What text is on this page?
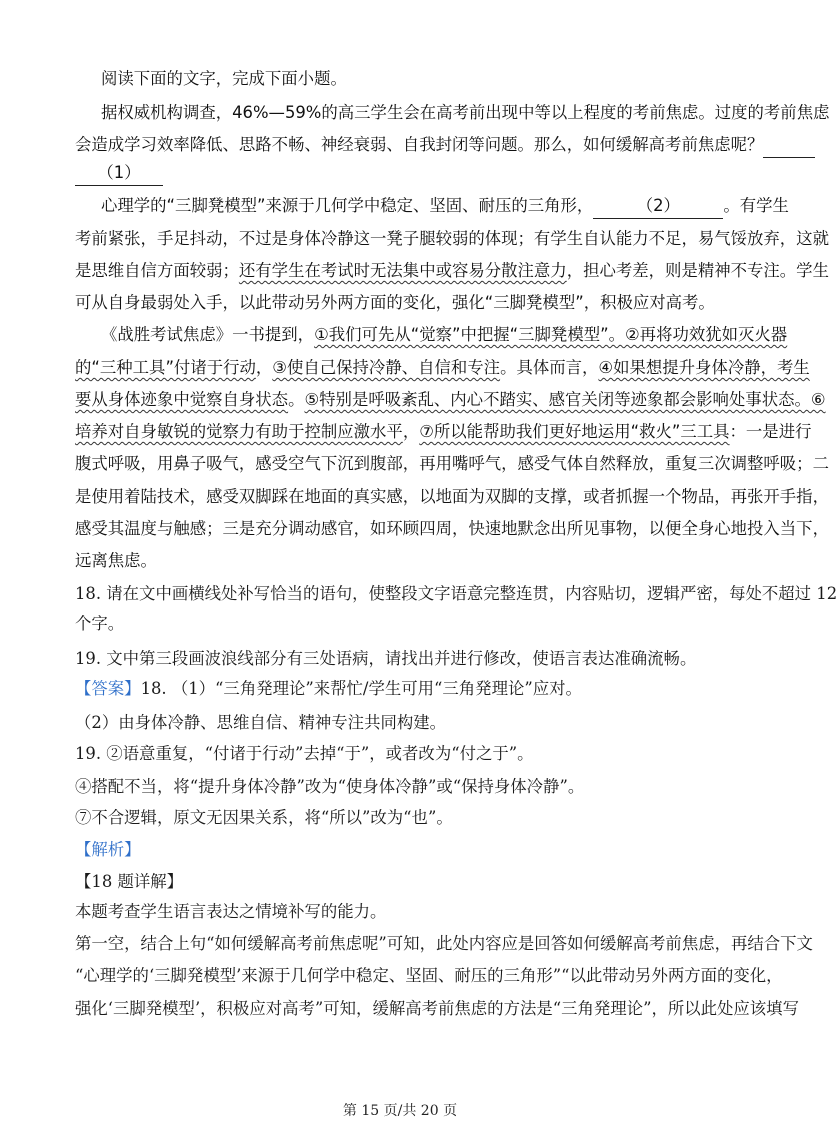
阅读下面的文字，完成下面小题。
据权威机构调查，46%—59%的高三学生会在高考前出现中等以上程度的考前焦虑。过度的考前焦虑
会造成学习效率降低、思路不畅、神经衰弱、自我封闭等问题。那么，如何缓解高考前焦虑呢？
（1）
心理学的“三脚凳模型”来源于几何学中稳定、坚固、耐压的三角形，	（2）	。有学生
考前紧张，手足抖动，不过是身体冷静这一凳子腿较弱的体现；有学生自认能力不足，易气馁放弃，这就
是思维自信方面较弱；还有学生在考试时无法集中或容易分散注意力，担心考差，则是精神不专注。学生
可从自身最弱处入手，以此带动另外两方面的变化，强化“三脚凳模型”，积极应对高考。
《战胜考试焦虑》一书提到，①我们可先从“觉察”中把握“三脚凳模型”。②再将功效犹如灭火器
的“三种工具”付诸于行动，③使自己保持冷静、自信和专注。具体而言，④如果想提升身体冷静，考生
要从身体迹象中觉察自身状态。⑤特别是呼吸紊乱、内心不踏实、感官关闭等迹象都会影响处事状态。⑥
培养对自身敏锐的觉察力有助于控制应激水平，⑦所以能帮助我们更好地运用“救火”三工具：一是进行
腹式呼吸，用鼻子吸气，感受空气下沉到腹部，再用嘴呼气，感受气体自然释放，重复三次调整呼吸；二
是使用着陆技术，感受双脚踩在地面的真实感，以地面为双脚的支撑，或者抓握一个物品，再张开手指，
感受其温度与触感；三是充分调动感官，如环顾四周，快速地默念出所见事物，以便全身心地投入当下，
远离焦虑。
18. 请在文中画横线处补写恰当的语句，使整段文字语意完整连贯，内容贴切，逻辑严密，每处不超过 12
个字。
19. 文中第三段画波浪线部分有三处语病，请找出并进行修改，使语言表达准确流畅。
【答案】18. （1）“三角発理论”来帮忙/学生可用“三角発理论”应对。
（2）由身体冷静、思维自信、精神专注共同构建。
19. ②语意重复，“付诸于行动”去掉“于”，或者改为“付之于”。
④搭配不当，将“提升身体冷静”改为“使身体冷静”或“保持身体冷静”。
⑦不合逻辑，原文无因果关系，将“所以”改为“也”。
【解析】
【18 题详解】
本题考查学生语言表达之情境补写的能力。
第一空，结合上句“如何缓解高考前焦虑呢”可知，此处内容应是回答如何缓解高考前焦虑，再结合下文
“心理学的‘三脚発模型’来源于几何学中稳定、坚固、耐压的三角形”“以此带动另外两方面的变化，
强化‘三脚発模型’，积极应对高考”可知，缓解高考前焦虑的方法是“三角発理论”，所以此处应该填写
第 15 页/共 20 页
